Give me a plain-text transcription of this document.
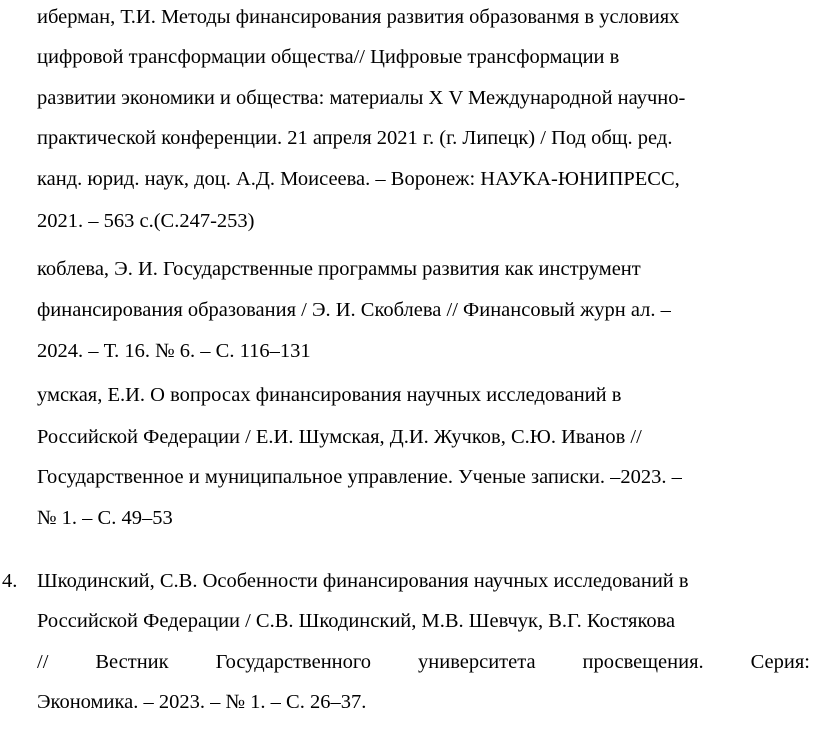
иберман, Т.И. Методы финансирования развития образованмя в условиях
цифровой трансформации общества// Цифровые трансформации в
развитии экономики и общества: материалы Х V Международной научно-
практической конференции. 21 апреля 2021 г. (г. Липецк) / Под общ. ред.
канд. юрид. наук, доц. А.Д. Моисеева. – Воронеж: НАУКА-ЮНИПРЕСС,
2021. – 563 с.(С.247-253)
коблева, Э. И. Государственные программы развития как инструмент
финансирования образования / Э. И. Скоблева // Финансовый журн ал. –
2024. – Т. 16. № 6. – С. 116–131
умская, Е.И. О вопросах финансирования научных исследований в
Российской Федерации / Е.И. Шумская, Д.И. Жучков, С.Ю. Иванов //
Государственное и муниципальное управление. Ученые записки. –2023. –
№ 1. – С. 49–53
4. Шкодинский, С.В. Особенности финансирования научных исследований в
Российской Федерации / С.В. Шкодинский, М.В. Шевчук, В.Г. Костякова
// Вестник Государственного университета просвещения. Серия:
Экономика. – 2023. – № 1. – С. 26–37.
